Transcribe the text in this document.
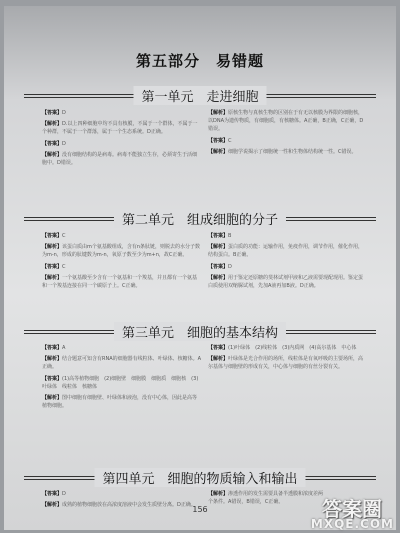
第五部分　易错题
第一单元　走进细胞
【答案】D
【解析】D.以上四种细胞中均不具有核膜，不属于一个群体，不属于一个种群，不属于一个群落，属于一个生态系统。D正确。
【答案】D
【解析】没有细胞结构的是病毒。病毒不能独立生存，必须寄生于活细胞中。D错误。
【解析】原核生物与真核生物的区别在于有无以核膜为界限的细胞核，以DNA为遗传物质，有细胞质，有核糖体。A正确，B正确，C正确，D错误。
【答案】C
【解析】细胞学说揭示了细胞统一性和生物体结构统一性。C错误。
第二单元　组成细胞的分子
【答案】C
【解析】该蛋白质由m个氨基酸组成，含有n条肽链，则脱去的水分子数为m-n，形成的肽键数为m-n，氧原子数至少为m+n，故C正确。
【答案】C
【解析】一个氨基酸至少含有一个氨基和一个羧基，并且都有一个氨基和一个羧基连接在同一个碳原子上。C正确。
【答案】B
【解析】蛋白质的功能：运输作用，免疫作用，调节作用，催化作用，结构蛋白。B正确。
【答案】D
【解析】用于鉴定还原糖的斐林试剂甲液和乙液需要现配现用。鉴定蛋白质使用双缩脲试剂，先加A液再加B液。D正确。
第三单元　细胞的基本结构
【答案】A
【解析】结合题意可知含有RNA的细胞器有线粒体、叶绿体、核糖体。A正确。
【答案】(1)高等植物细胞　(2)细胞壁　细胞膜　细胞质　细胞核　(3)叶绿体　线粒体　核糖体
【解析】图中细胞有细胞壁、叶绿体和液泡，没有中心体，因此是高等植物细胞。
【答案】(1)叶绿体　(2)线粒体　(3)内质网　(4)高尔基体　中心体
【解析】叶绿体是光合作用的场所，线粒体是有氧呼吸的主要场所，高尔基体与细胞壁的形成有关，中心体与细胞的有丝分裂有关。
第四单元　细胞的物质输入和输出
【答案】D
【解析】成熟的植物细胞放在高浓度溶液中会发生质壁分离。D正确。
【解析】渗透作用的发生需要具备半透膜和浓度差两个条件。A错误，B错误，C正确。
156	答案圈
MXQE.COM
